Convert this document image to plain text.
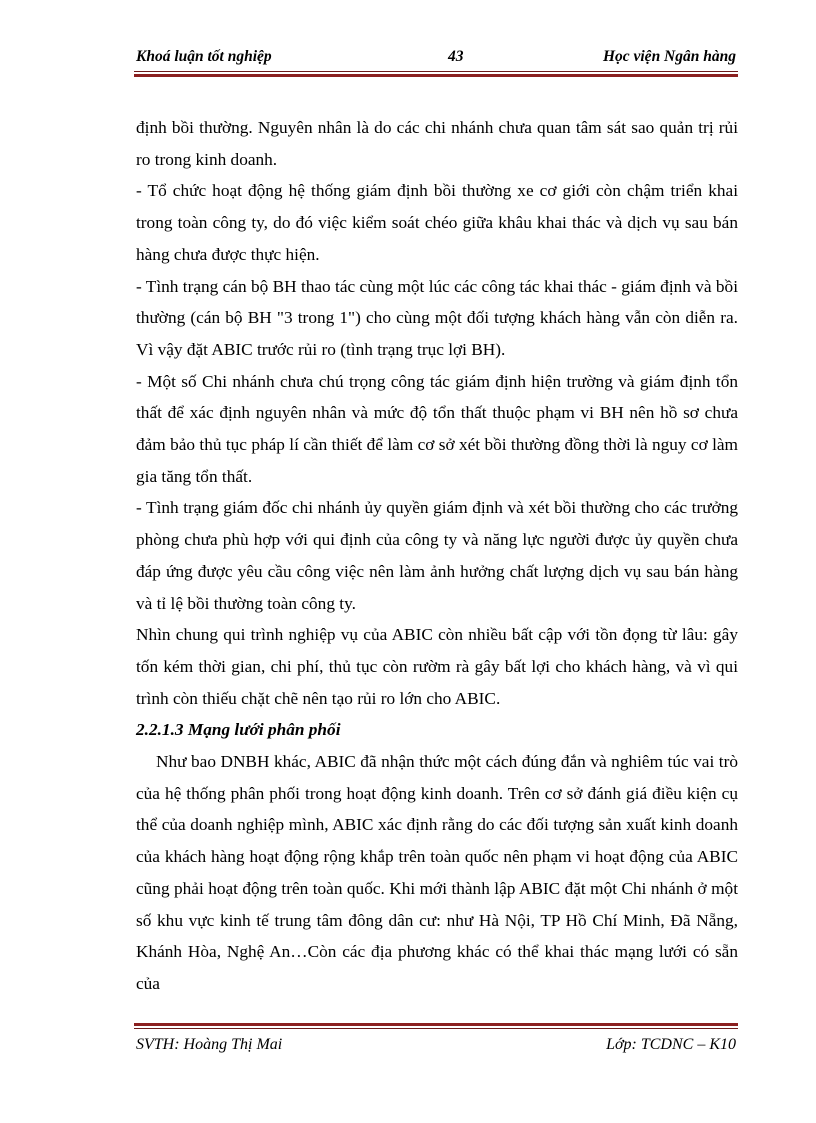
Khoá luận tốt nghiệp	43	Học viện Ngân hàng

định bồi thường. Nguyên nhân là do các chi nhánh chưa quan tâm sát sao quản trị rủi ro trong kinh doanh.

- Tổ chức hoạt động hệ thống giám định bồi thường xe cơ giới còn chậm triển khai trong toàn công ty, do đó việc kiểm soát chéo giữa khâu khai thác và dịch vụ sau bán hàng chưa được thực hiện.

- Tình trạng cán bộ BH thao tác cùng một lúc các công tác khai thác - giám định và bồi thường (cán bộ BH "3 trong 1") cho cùng một đối tượng khách hàng vẫn còn diễn ra. Vì vậy đặt ABIC trước rủi ro (tình trạng trục lợi BH).

- Một số Chi nhánh chưa chú trọng công tác giám định hiện trường và giám định tổn thất để xác định nguyên nhân và mức độ tổn thất thuộc phạm vi BH nên hồ sơ chưa đảm bảo thủ tục pháp lí cần thiết để làm cơ sở xét bồi thường đồng thời là nguy cơ làm gia tăng tổn thất.

- Tình trạng giám đốc chi nhánh ủy quyền giám định và xét bồi thường cho các trưởng phòng chưa phù hợp với qui định của công ty và năng lực người được ủy quyền chưa đáp ứng được yêu cầu công việc nên làm ảnh hưởng chất lượng dịch vụ sau bán hàng và tỉ lệ bồi thường toàn công ty.

Nhìn chung qui trình nghiệp vụ của ABIC còn nhiều bất cập với tồn đọng từ lâu: gây tốn kém thời gian, chi phí, thủ tục còn rườm rà gây bất lợi cho khách hàng, và vì qui trình còn thiếu chặt chẽ nên tạo rủi ro lớn cho ABIC.

2.2.1.3 Mạng lưới phân phối

Như bao DNBH khác, ABIC đã nhận thức một cách đúng đắn và nghiêm túc vai trò của hệ thống phân phối trong hoạt động kinh doanh. Trên cơ sở đánh giá điều kiện cụ thể của doanh nghiệp mình, ABIC xác định rằng do các đối tượng sản xuất kinh doanh của khách hàng hoạt động rộng khắp trên toàn quốc nên phạm vi hoạt động của ABIC cũng phải hoạt động trên toàn quốc. Khi mới thành lập ABIC đặt một Chi nhánh ở một số khu vực kinh tế trung tâm đông dân cư: như Hà Nội, TP Hồ Chí Minh, Đã Nẵng, Khánh Hòa, Nghệ An…Còn các địa phương khác có thể khai thác mạng lưới có sẵn của

SVTH: Hoàng Thị Mai	Lớp: TCDNC – K10
